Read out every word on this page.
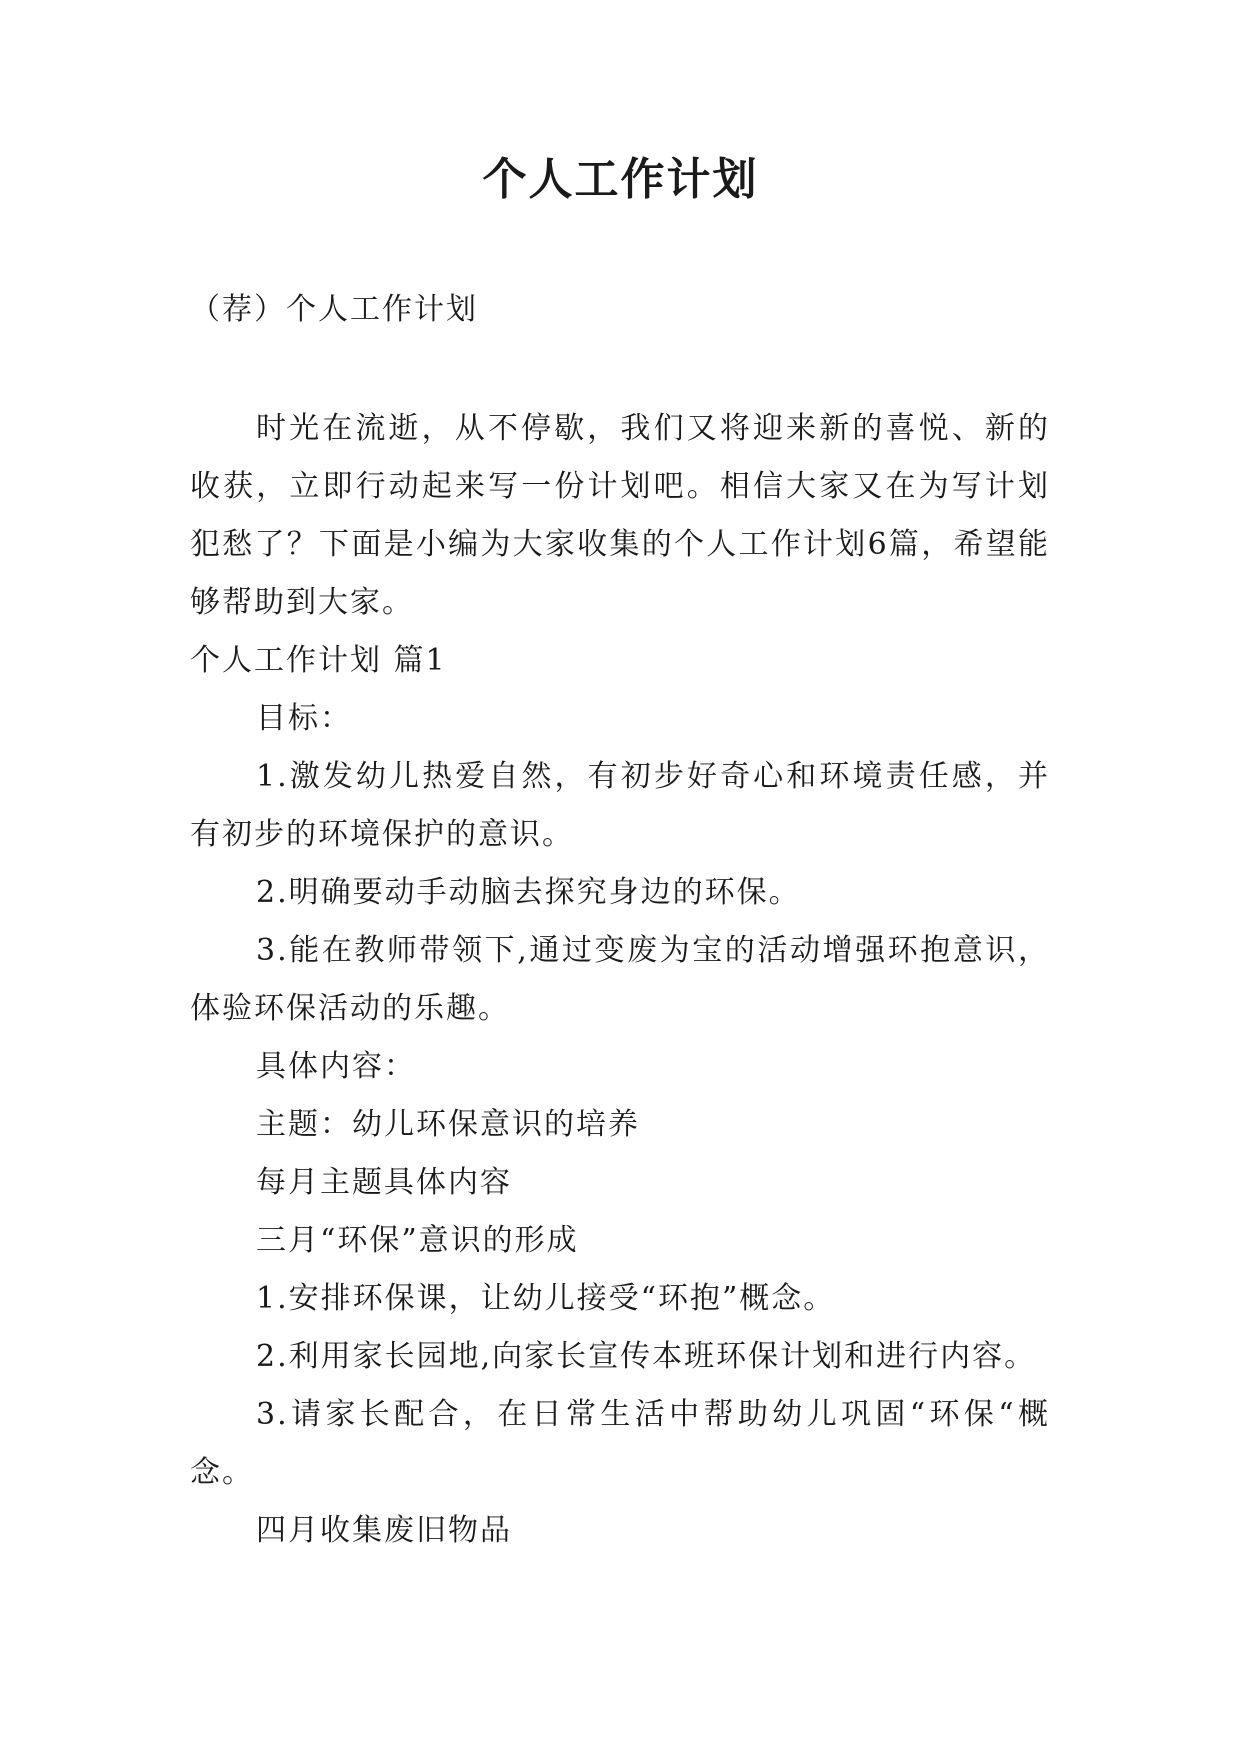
个人工作计划
（荐）个人工作计划

时光在流逝，从不停歇，我们又将迎来新的喜悦、新的收获，立即行动起来写一份计划吧。相信大家又在为写计划犯愁了？下面是小编为大家收集的个人工作计划6篇，希望能够帮助到大家。

个人工作计划 篇1

目标：

1.激发幼儿热爱自然，有初步好奇心和环境责任感，并有初步的环境保护的意识。

2.明确要动手动脑去探究身边的环保。

3.能在教师带领下,通过变废为宝的活动增强环抱意识，体验环保活动的乐趣。

具体内容：

主题：幼儿环保意识的培养

每月主题具体内容

三月“环保”意识的形成

1.安排环保课，让幼儿接受“环抱”概念。

2.利用家长园地,向家长宣传本班环保计划和进行内容。

3.请家长配合，在日常生活中帮助幼儿巩固“环保“概念。

四月收集废旧物品
